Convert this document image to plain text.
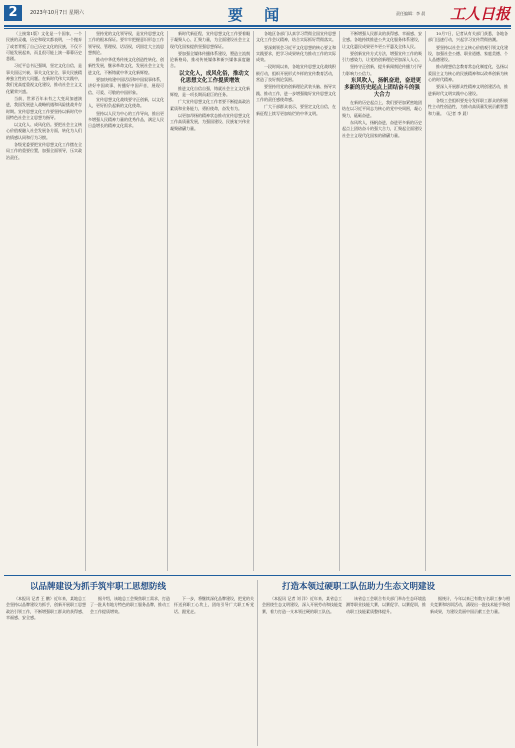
2	2023年10月7日 星期六	要 闻	责任编辑：李 晨 工人日报

（上接第1版）文化是一个国家、一个民族的灵魂，历史和现实都表明，一个抛弃了或者背叛了自己历史文化的民族，不仅不可能发展起来，而且很可能上演一幕幕历史悲剧。

习近平总书记强调，坚定文化自信，是事关国运兴衰、事关文化安全、事关民族精神独立性的大问题。在新时代伟大实践中，我们党高度重视文化建设，推动社会主义文化繁荣兴盛。

当前，世界百年未有之大变局加速演进，我国发展进入战略机遇和风险挑战并存时期。宣传思想文化工作要坚持以新时代中国特色社会主义思想为指导。

以文化人、成风化俗。要把社会主义核心价值观融入社会发展各方面，转化为人们的情感认同和行为习惯。

各级党委要把宣传思想文化工作摆在全局工作的重要位置，加强全面领导，压实政治责任。

坚持党的文化领导权，是宣传思想文化工作的根本保证。要牢牢把握意识形态工作领导权、管理权、话语权，巩固壮大主流思想舆论。

推动中华优秀传统文化创造性转化、创新性发展，继承革命文化，发展社会主义先进文化，不断铸就中华文化新辉煌。

要加快构建中国话语和中国叙事体系，讲好中国故事、传播好中国声音，展现可信、可爱、可敬的中国形象。

宣传思想文化战线要守正创新，以文化人，更好担负起新的文化使命。

坚持以人民为中心的工作导向，推出更多增强人民精神力量的优秀作品，满足人民日益增长的精神文化需求。

新时代新征程，宣传思想文化工作要着眼于凝聚人心、汇聚力量，为全面建设社会主义现代化国家提供坚强思想保证。

要加强全媒体传播体系建设，塑造主流舆论新格局，推动传统媒体和新兴媒体深度融合。

以文化人，成风化俗，推动文化思想文化工作提质增效

推进文化自信自强，铸就社会主义文化新辉煌，是一项长期而艰巨的任务。

广大宣传思想文化工作者要不断提高政治素质和业务能力，勇担使命，奋发有为。

以更加昂扬的精神状态推动宣传思想文化工作高质量发展，为强国建设、民族复兴伟业凝聚磅礴力量。

各地区各部门认真学习贯彻全国宣传思想文化工作会议精神，结合实际抓好贯彻落实。

要深刻领会习近平文化思想的核心要义和实践要求，把学习成果转化为推动工作的实际成效。

一段时间以来，各地宣传思想文化战线积极行动，组织开展形式多样的宣传教育活动，营造了良好舆论氛围。

要坚持用党的创新理论武装头脑、指导实践、推动工作，进一步增强做好宣传思想文化工作的责任感使命感。

广大干部群众表示，要坚定文化自信，在新征程上续写更加灿烂的中华文明。

不断增强人民群众的获得感、幸福感、安全感。各地持续推进公共文化服务体系建设，让文化惠民成果更多更公平惠及全体人民。

要创新宣传方式方法，增强宣传工作的吸引力感染力，让党的创新理论更加深入人心。

坚持守正创新，提升新闻舆论传播力引导力影响力公信力。

东风吹人，扬帆奋进，奋进更多新的历史起点上团结奋斗的强大合力

在新的历史起点上，我们要更加紧密地团结在以习近平同志为核心的党中央周围，凝心聚力，砥砺奋进。

东风吹人，扬帆奋进，奋进更多新的历史起点上团结奋斗的强大合力，汇聚起全面建设社会主义现代化国家的磅礴力量。

10月7日，记者从有关部门获悉，各地各部门迅速行动，兴起学习宣传贯彻热潮。

要坚持以社会主义核心价值观引领文化建设，加强社会公德、职业道德、家庭美德、个人品德建设。

推动理想信念教育常态化制度化，弘扬以爱国主义为核心的民族精神和以改革创新为核心的时代精神。

要深入开展群众性精神文明创建活动，推进新时代文明实践中心建设。

各级工会组织要充分发挥职工群众的积极性主动性创造性，为推动高质量发展贡献智慧和力量。（记者 李 晨）

以品牌建设为抓手筑牢职工思想防线	打造本领过硬职工队伍助力生态文明建设

（本报讯 记者 王 鹏）近年来，某地总工会坚持以品牌建设为抓手，创新开展职工思想政治引领工作，不断增强职工群众的获得感、幸福感、安全感。

据介绍，该地总工会聚焦职工需求，打造了一批具有地方特色的职工服务品牌，推动工会工作提质增效。

下一步，将继续深化品牌建设，把党的关怀送到职工心坎上，团结引导广大职工听党话、跟党走。

（本报讯 记者 刘 洋）近年来，某省总工会围绕生态文明建设，深入开展劳动和技能竞赛，着力打造一支本领过硬的职工队伍。

该省总工会联合有关部门举办生态环境监测等职业技能大赛，以赛促学、以赛促训，推动职工技能素质整体提升。

据统计，今年以来已有数万名职工参与相关竞赛和培训活动，涌现出一批技术能手和创新成果，为建设美丽中国贡献工会力量。
